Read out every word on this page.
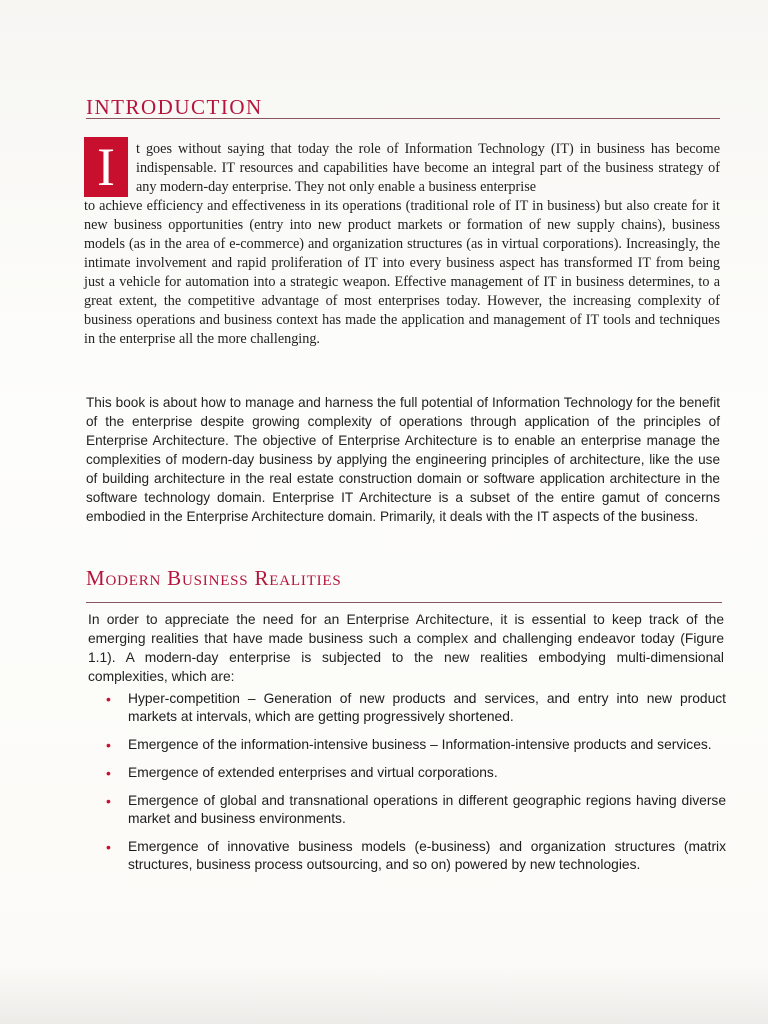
INTRODUCTION
I	t goes without saying that today the role of Information Technology (IT) in business has become indispensable. IT resources and capabilities have become an integral part of the business strategy of any modern-day enterprise. They not only enable a business enterprise

to achieve efficiency and effectiveness in its operations (traditional role of IT in business) but also create for it new business opportunities (entry into new product markets or formation of new supply chains), business models (as in the area of e-commerce) and organization structures (as in virtual corporations). Increasingly, the intimate involvement and rapid proliferation of IT into every business aspect has transformed IT from being just a vehicle for automation into a strategic weapon. Effective management of IT in business determines, to a great extent, the competitive advantage of most enterprises today. However, the increasing complexity of business operations and business context has made the application and management of IT tools and techniques in the enterprise all the more challenging.

This book is about how to manage and harness the full potential of Information Technology for the benefit of the enterprise despite growing complexity of operations through application of the principles of Enterprise Architecture. The objective of Enterprise Architecture is to enable an enterprise manage the complexities of modern-day business by applying the engineering principles of architecture, like the use of building architecture in the real estate construction domain or software application architecture in the software technology domain. Enterprise IT Architecture is a subset of the entire gamut of concerns embodied in the Enterprise Architecture domain. Primarily, it deals with the IT aspects of the business.

Modern Business Realities

In order to appreciate the need for an Enterprise Architecture, it is essential to keep track of the emerging realities that have made business such a complex and challenging endeavor today (Figure 1.1). A modern-day enterprise is subjected to the new realities embodying multi-dimensional complexities, which are:

• Hyper-competition – Generation of new products and services, and entry into new product markets at intervals, which are getting progressively shortened.
• Emergence of the information-intensive business – Information-intensive products and services.
• Emergence of extended enterprises and virtual corporations.
• Emergence of global and transnational operations in different geographic regions having diverse market and business environments.
• Emergence of innovative business models (e-business) and organization structures (matrix structures, business process outsourcing, and so on) powered by new technologies.
